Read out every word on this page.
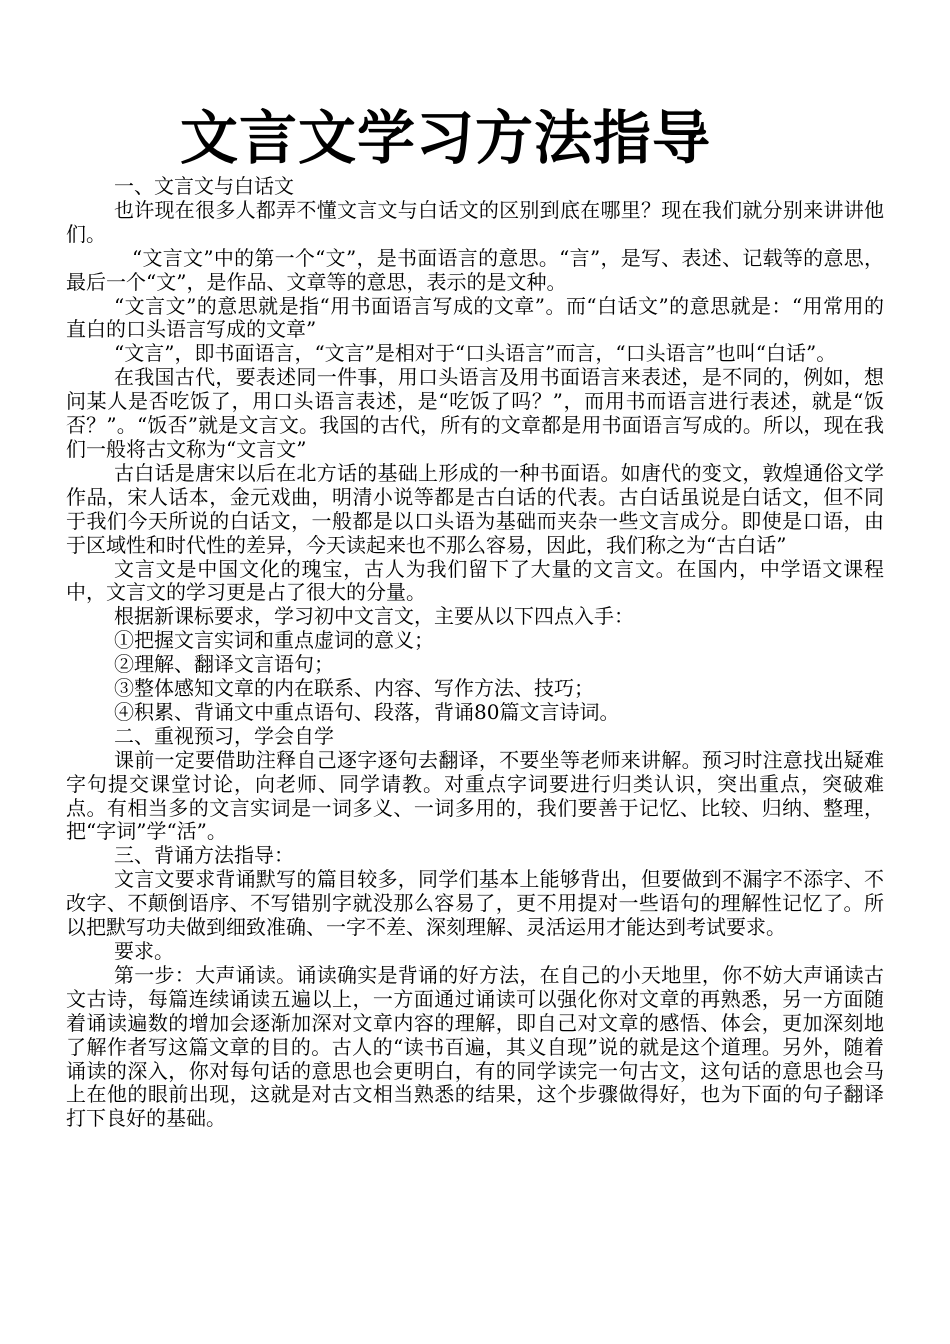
文言文学习方法指导

一、文言文与白话文

也许现在很多人都弄不懂文言文与白话文的区别到底在哪里？现在我们就分别来讲讲他们。

“文言文”中的第一个“文”，是书面语言的意思。“言”，是写、表述、记载等的意思，最后一个“文”，是作品、文章等的意思，表示的是文种。

“文言文”的意思就是指“用书面语言写成的文章”。而“白话文”的意思就是：“用常用的直白的口头语言写成的文章”

“文言”，即书面语言，“文言”是相对于“口头语言”而言，“口头语言”也叫“白话”。

在我国古代，要表述同一件事，用口头语言及用书面语言来表述，是不同的，例如，想问某人是否吃饭了，用口头语言表述，是“吃饭了吗？”，而用书而语言进行表述，就是“饭否？”。“饭否”就是文言文。我国的古代，所有的文章都是用书面语言写成的。所以，现在我们一般将古文称为“文言文”

古白话是唐宋以后在北方话的基础上形成的一种书面语。如唐代的变文，敦煌通俗文学作品，宋人话本，金元戏曲，明清小说等都是古白话的代表。古白话虽说是白话文，但不同于我们今天所说的白话文，一般都是以口头语为基础而夹杂一些文言成分。即使是口语，由于区域性和时代性的差异，今天读起来也不那么容易，因此，我们称之为“古白话”

文言文是中国文化的瑰宝，古人为我们留下了大量的文言文。在国内，中学语文课程中，文言文的学习更是占了很大的分量。

根据新课标要求，学习初中文言文，主要从以下四点入手：

①把握文言实词和重点虚词的意义；

②理解、翻译文言语句；

③整体感知文章的内在联系、内容、写作方法、技巧；

④积累、背诵文中重点语句、段落，背诵80篇文言诗词。

二、重视预习，学会自学

课前一定要借助注释自己逐字逐句去翻译，不要坐等老师来讲解。预习时注意找出疑难字句提交课堂讨论，向老师、同学请教。对重点字词要进行归类认识，突出重点，突破难点。有相当多的文言实词是一词多义、一词多用的，我们要善于记忆、比较、归纳、整理，把“字词”学“活”。

三、背诵方法指导：

文言文要求背诵默写的篇目较多，同学们基本上能够背出，但要做到不漏字不添字、不改字、不颠倒语序、不写错别字就没那么容易了，更不用提对一些语句的理解性记忆了。所以把默写功夫做到细致准确、一字不差、深刻理解、灵活运用才能达到考试要求。

要求。

第一步：大声诵读。诵读确实是背诵的好方法，在自己的小天地里，你不妨大声诵读古文古诗，每篇连续诵读五遍以上，一方面通过诵读可以强化你对文章的再熟悉，另一方面随着诵读遍数的增加会逐渐加深对文章内容的理解，即自己对文章的感悟、体会，更加深刻地了解作者写这篇文章的目的。古人的“读书百遍，其义自现”说的就是这个道理。另外，随着诵读的深入，你对每句话的意思也会更明白，有的同学读完一句古文，这句话的意思也会马上在他的眼前出现，这就是对古文相当熟悉的结果，这个步骤做得好，也为下面的句子翻译打下良好的基础。
